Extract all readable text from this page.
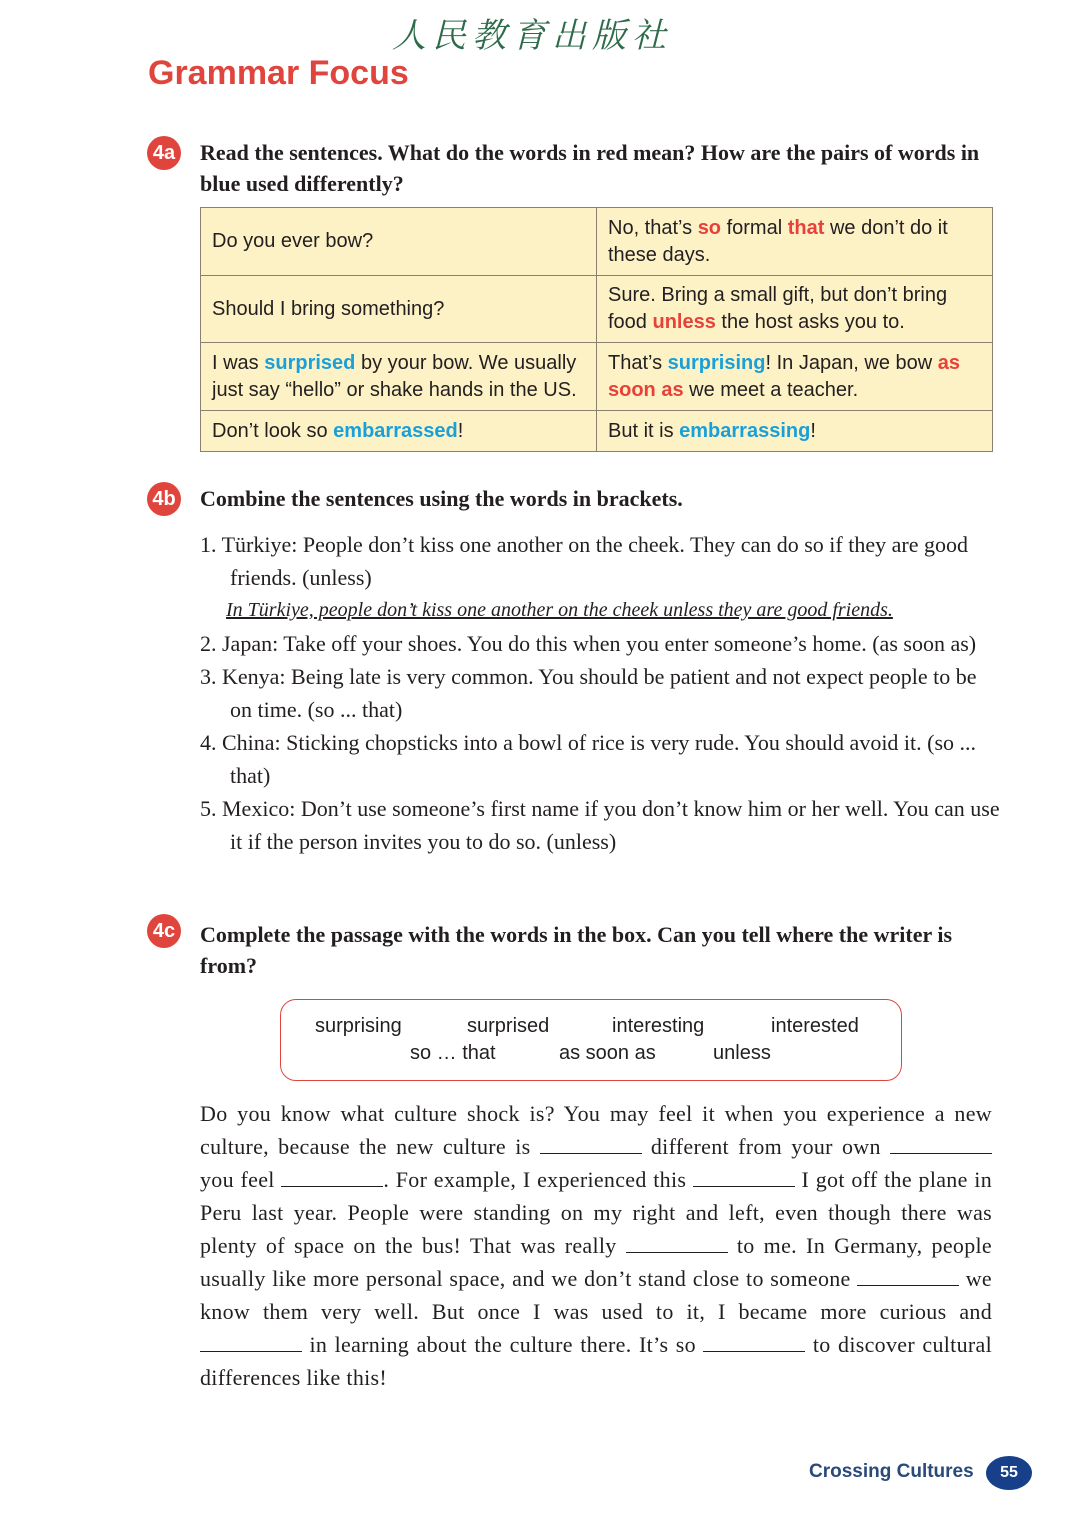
人民教育出版社
Grammar Focus
4a Read the sentences. What do the words in red mean? How are the pairs of words in blue used differently?
Do you ever bow?	No, that’s so formal that we don’t do it these days.
Should I bring something?	Sure. Bring a small gift, but don’t bring food unless the host asks you to.
I was surprised by your bow. We usually just say “hello” or shake hands in the US.	That’s surprising! In Japan, we bow as soon as we meet a teacher.
Don’t look so embarrassed!	But it is embarrassing!
4b Combine the sentences using the words in brackets.
1. Türkiye: People don’t kiss one another on the cheek. They can do so if they are good friends. (unless)
In Türkiye, people don’t kiss one another on the cheek unless they are good friends.
2. Japan: Take off your shoes. You do this when you enter someone’s home. (as soon as)
3. Kenya: Being late is very common. You should be patient and not expect people to be on time. (so ... that)
4. China: Sticking chopsticks into a bowl of rice is very rude. You should avoid it. (so ... that)
5. Mexico: Don’t use someone’s first name if you don’t know him or her well. You can use it if the person invites you to do so. (unless)
4c Complete the passage with the words in the box. Can you tell where the writer is from?
surprising	surprised	interesting	interested
so … that	as soon as	unless
Do you know what culture shock is? You may feel it when you experience a new culture, because the new culture is	different from your own  you feel	. For example, I experienced this	I got off the plane in Peru last year. People were standing on my right and left, even though there was plenty of space on the bus! That was really	to me. In Germany, people usually like more personal space, and we don’t stand close to someone	we know them very well. But once I was used to it, I became more curious and  in learning about the culture there. It’s so	to discover cultural differences like this!
Crossing Cultures	55
